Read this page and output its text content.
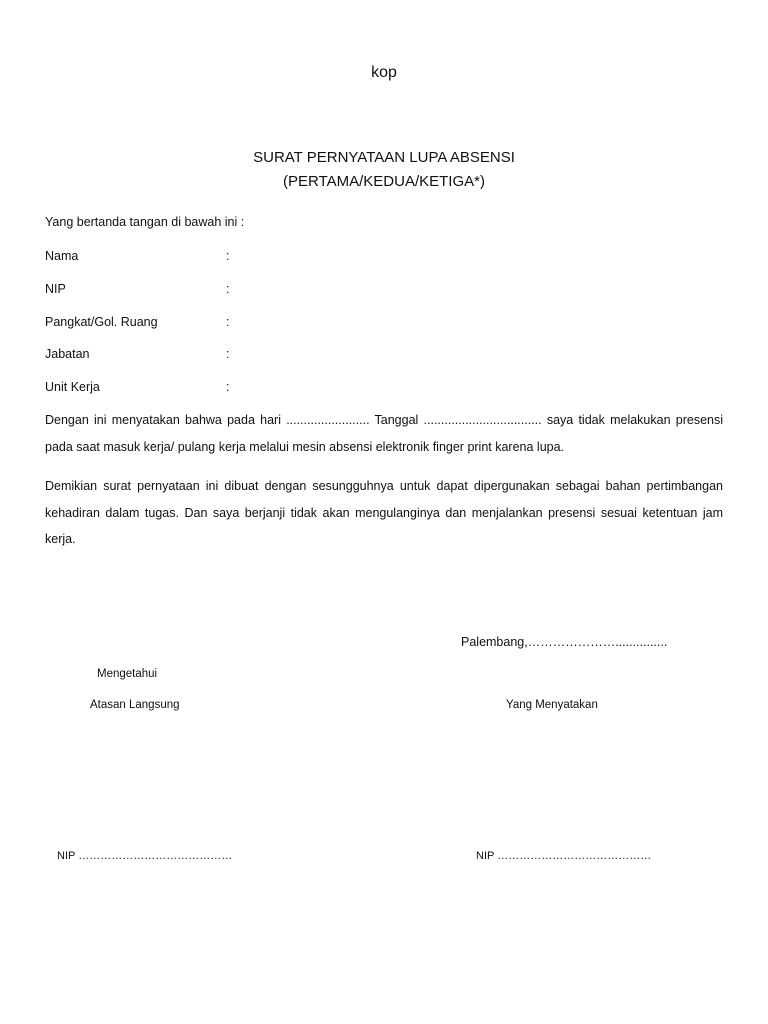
kop
SURAT PERNYATAAN LUPA ABSENSI
(PERTAMA/KEDUA/KETIGA*)
Yang bertanda tangan di bawah ini :
Nama	:
NIP	:
Pangkat/Gol. Ruang	:
Jabatan	:
Unit Kerja	:
Dengan ini menyatakan bahwa pada hari ........................ Tanggal .................................. saya tidak melakukan presensi pada saat masuk kerja/ pulang kerja melalui mesin absensi elektronik finger print karena lupa.
Demikian surat pernyataan ini dibuat dengan sesungguhnya untuk dapat dipergunakan sebagai bahan pertimbangan kehadiran dalam tugas. Dan saya berjanji tidak akan mengulanginya dan menjalankan presensi sesuai ketentuan jam kerja.
Palembang,…………………...............
Mengetahui
Atasan Langsung	Yang Menyatakan
NIP ……………………………………	NIP ……………………………………
